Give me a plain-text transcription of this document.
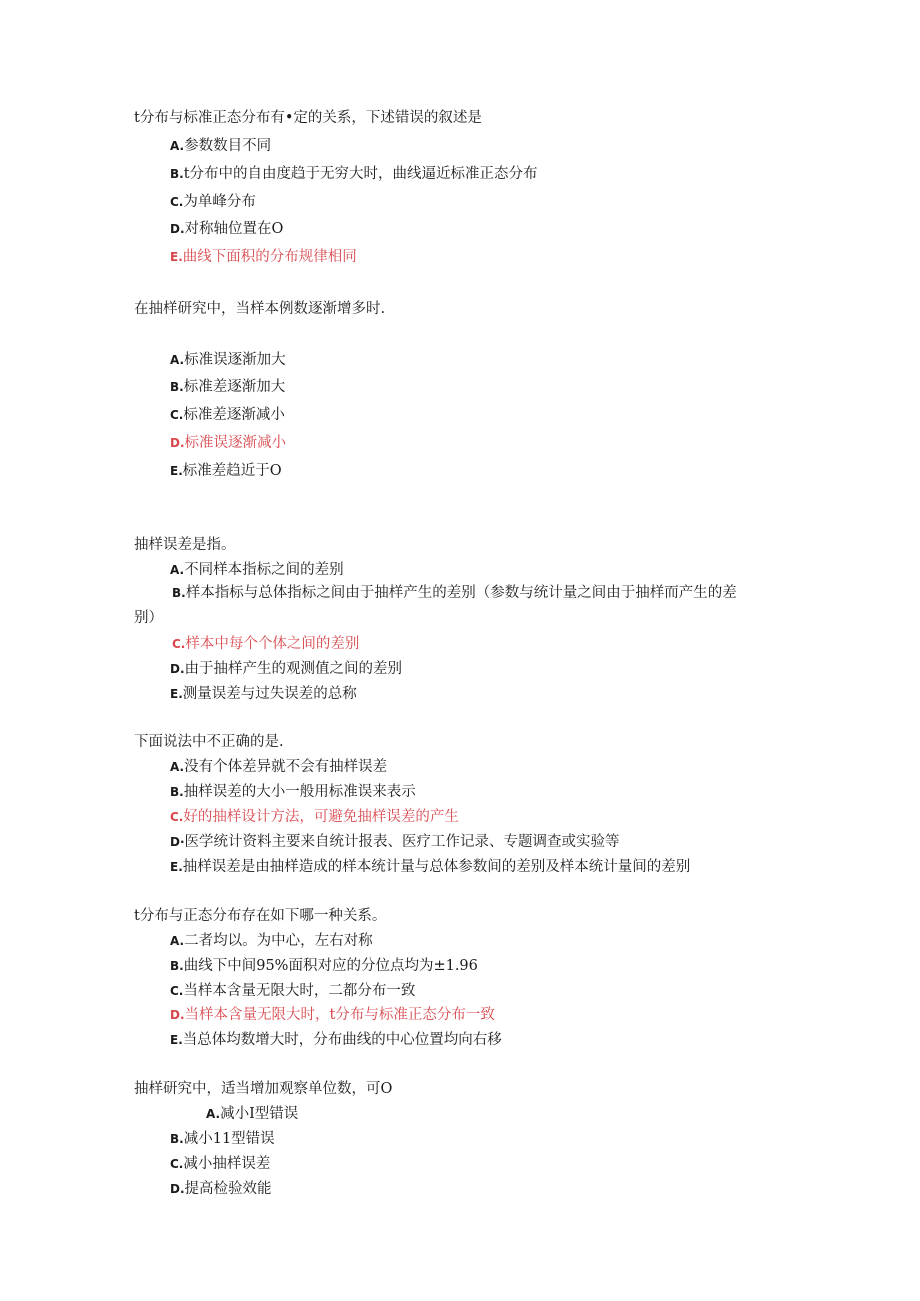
t分布与标准正态分布有•定的关系，下述错误的叙述是
A.参数数目不同
B.t分布中的自由度趋于无穷大时，曲线逼近标准正态分布
C.为单峰分布
D.对称轴位置在O
E.曲线下面积的分布规律相同
在抽样研究中，当样本例数逐渐增多时.
A.标准误逐渐加大
B.标准差逐渐加大
C.标准差逐渐减小
D.标准误逐渐减小
E.标准差趋近于O
抽样误差是指。
A.不同样本指标之间的差别
B.样本指标与总体指标之间由于抽样产生的差别（参数与统计量之间由于抽样而产生的差别）
C.样本中每个个体之间的差别
D.由于抽样产生的观测值之间的差别
E.测量误差与过失误差的总称
下面说法中不正确的是.
A.没有个体差异就不会有抽样误差
B.抽样误差的大小一般用标准误来表示
C.好的抽样设计方法，可避免抽样误差的产生
D·医学统计资料主要来自统计报表、医疗工作记录、专题调查或实验等
E.抽样误差是由抽样造成的样本统计量与总体参数间的差别及样本统计量间的差别
t分布与正态分布存在如下哪一种关系。
A.二者均以。为中心，左右对称
B.曲线下中间95%面积对应的分位点均为±1.96
C.当样本含量无限大时，二都分布一致
D.当样本含量无限大时，t分布与标准正态分布一致
E.当总体均数增大时，分布曲线的中心位置均向右移
抽样研究中，适当增加观察单位数，可O
A.减小I型错误
B.减小11型错误
C.减小抽样误差
D.提高检验效能
